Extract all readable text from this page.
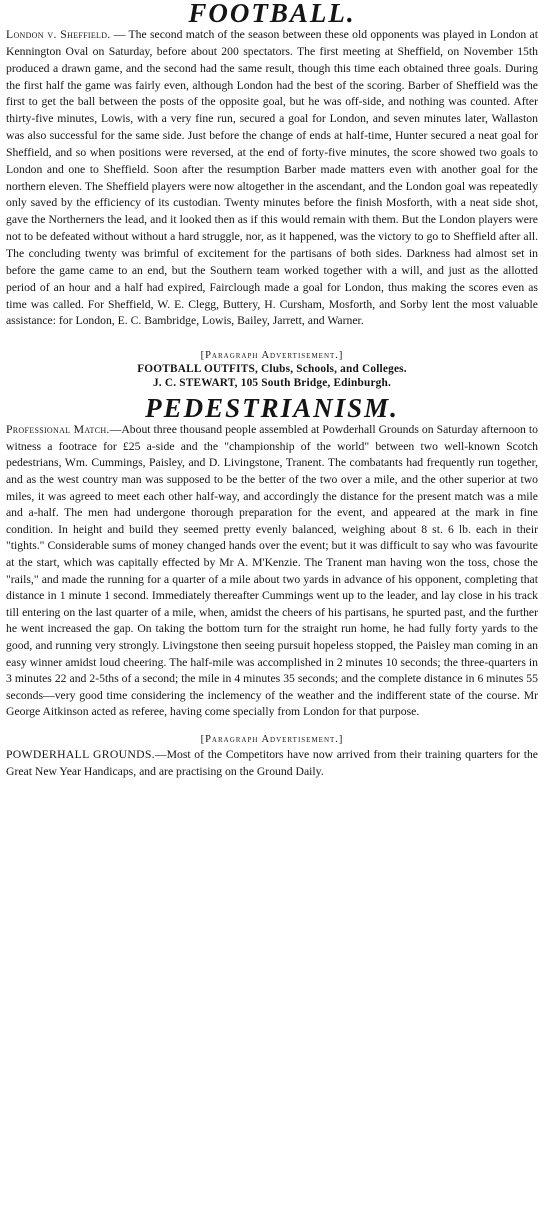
FOOTBALL.

London v. Sheffield. — The second match of the season between these old opponents was played in London at Kennington Oval on Saturday, before about 200 spectators. The first meeting at Sheffield, on November 15th produced a drawn game, and the second had the same result, though this time each obtained three goals. During the first half the game was fairly even, although London had the best of the scoring. Barber of Sheffield was the first to get the ball between the posts of the opposite goal, but he was off-side, and nothing was counted. After thirty-five minutes, Lowis, with a very fine run, secured a goal for London, and seven minutes later, Wallaston was also successful for the same side. Just before the change of ends at half-time, Hunter secured a neat goal for Sheffield, and so when positions were reversed, at the end of forty-five minutes, the score showed two goals to London and one to Sheffield. Soon after the resumption Barber made matters even with another goal for the northern eleven. The Sheffield players were now altogether in the ascendant, and the London goal was repeatedly only saved by the efficiency of its custodian. Twenty minutes before the finish Mosforth, with a neat side shot, gave the Northerners the lead, and it looked then as if this would remain with them. But the London players were not to be defeated without without a hard struggle, nor, as it happened, was the victory to go to Sheffield after all. The concluding twenty was brimful of excitement for the partisans of both sides. Darkness had almost set in before the game came to an end, but the Southern team worked together with a will, and just as the allotted period of an hour and a half had expired, Fairclough made a goal for London, thus making the scores even as time was called. For Sheffield, W. E. Clegg, Buttery, H. Cursham, Mosforth, and Sorby lent the most valuable assistance: for London, E. C. Bambridge, Lowis, Bailey, Jarrett, and Warner.

[Paragraph Advertisement.]

FOOTBALL OUTFITS, Clubs, Schools, and Colleges.

J. C. STEWART, 105 South Bridge, Edinburgh.

PEDESTRIANISM.

Professional Match.—About three thousand people assembled at Powderhall Grounds on Saturday afternoon to witness a footrace for £25 a-side and the "championship of the world" between two well-known Scotch pedestrians, Wm. Cummings, Paisley, and D. Livingstone, Tranent. The combatants had frequently run together, and as the west country man was supposed to be the better of the two over a mile, and the other superior at two miles, it was agreed to meet each other half-way, and accordingly the distance for the present match was a mile and a-half. The men had undergone thorough preparation for the event, and appeared at the mark in fine condition. In height and build they seemed pretty evenly balanced, weighing about 8 st. 6 lb. each in their "tights." Considerable sums of money changed hands over the event; but it was difficult to say who was favourite at the start, which was capitally effected by Mr A. M'Kenzie. The Tranent man having won the toss, chose the "rails," and made the running for a quarter of a mile about two yards in advance of his opponent, completing that distance in 1 minute 1 second. Immediately thereafter Cummings went up to the leader, and lay close in his track till entering on the last quarter of a mile, when, amidst the cheers of his partisans, he spurted past, and the further he went increased the gap. On taking the bottom turn for the straight run home, he had fully forty yards to the good, and running very strongly. Livingstone then seeing pursuit hopeless stopped, the Paisley man coming in an easy winner amidst loud cheering. The half-mile was accomplished in 2 minutes 10 seconds; the three-quarters in 3 minutes 22 and 2-5ths of a second; the mile in 4 minutes 35 seconds; and the complete distance in 6 minutes 55 seconds—very good time considering the inclemency of the weather and the indifferent state of the course. Mr George Aitkinson acted as referee, having come specially from London for that purpose.

[Paragraph Advertisement.]

POWDERHALL GROUNDS.—Most of the Competitors have now arrived from their training quarters for the Great New Year Handicaps, and are practising on the Ground Daily.
